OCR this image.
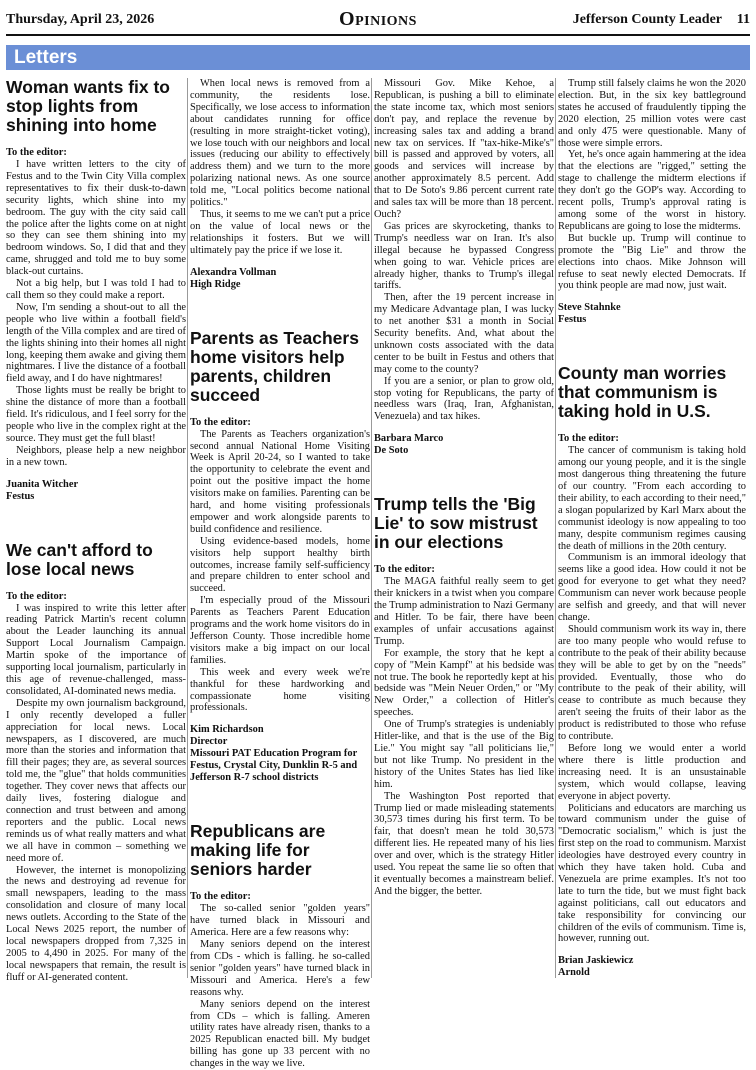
Thursday, April 23, 2026	Opinions	Jefferson County Leader 11
Letters
Woman wants fix to stop lights from shining into home
To the editor:

I have written letters to the city of Festus and to the Twin City Villa complex representatives to fix their dusk-to-dawn security lights, which shine into my bedroom. The guy with the city said call the police after the lights come on at night so they can see them shining into my bedroom windows. So, I did that and they came, shrugged and told me to buy some black-out curtains.

Not a big help, but I was told I had to call them so they could make a report.

Now, I'm sending a shout-out to all the people who live within a football field's length of the Villa complex and are tired of the lights shining into their homes all night long, keeping them awake and giving them nightmares. I live the distance of a football field away, and I do have nightmares!

Those lights must be really be bright to shine the distance of more than a football field. It's ridiculous, and I feel sorry for the people who live in the complex right at the source. They must get the full blast!

Neighbors, please help a new neighbor in a new town.

Juanita Witcher
Festus
We can't afford to lose local news
To the editor:

I was inspired to write this letter after reading Patrick Martin's recent column about the Leader launching its annual Support Local Journalism Campaign. Martin spoke of the importance of supporting local journalism, particularly in this age of revenue-challenged, mass-consolidated, AI-dominated news media.

Despite my own journalism background, I only recently developed a fuller appreciation for local news. Local newspapers, as I discovered, are much more than the stories and information that fill their pages; they are, as several sources told me, the "glue" that holds communities together. They cover news that affects our daily lives, fostering dialogue and connection and trust between and among reporters and the public. Local news reminds us of what really matters and what we all have in common – something we need more of.

However, the internet is monopolizing the news and destroying ad revenue for small newspapers, leading to the mass consolidation and closure of many local news outlets. According to the State of the Local News 2025 report, the number of local newspapers dropped from 7,325 in 2005 to 4,490 in 2025. For many of the local newspapers that remain, the result is fluff or AI-generated content.

When local news is removed from a community, the residents lose. Specifically, we lose access to information about candidates running for office (resulting in more straight-ticket voting), we lose touch with our neighbors and local issues (reducing our ability to effectively address them) and we turn to the more polarizing national news. As one source told me, "Local politics become national politics."

Thus, it seems to me we can't put a price on the value of local news or the relationships it fosters. But we will ultimately pay the price if we lose it.

Alexandra Vollman
High Ridge
Parents as Teachers home visitors help parents, children succeed
To the editor:

The Parents as Teachers organization's second annual National Home Visiting Week is April 20-24, so I wanted to take the opportunity to celebrate the event and point out the positive impact the home visitors make on families. Parenting can be hard, and home visiting professionals empower and work alongside parents to build confidence and resilience.

Using evidence-based models, home visitors help support healthy birth outcomes, increase family self-sufficiency and prepare children to enter school and succeed.

I'm especially proud of the Missouri Parents as Teachers Parent Education programs and the work home visitors do in Jefferson County. Those incredible home visitors make a big impact on our local families.

This week and every week we're thankful for these hardworking and compassionate home visiting professionals.

Kim Richardson
Director
Missouri PAT Education Program for Festus, Crystal City, Dunklin R-5 and Jefferson R-7 school districts
Republicans are making life for seniors harder
To the editor:

The so-called senior "golden years" have turned black in Missouri and America. Here are a few reasons why:

Many seniors depend on the interest from CDs - which is falling. he so-called senior "golden years" have turned black in Missouri and America. Here's a few reasons why.

Many seniors depend on the interest from CDs – which is falling. Ameren utility rates have already risen, thanks to a 2025 Republican enacted bill. My budget billing has gone up 33 percent with no changes in the way we live.

Missouri Gov. Mike Kehoe, a Republican, is pushing a bill to eliminate the state income tax, which most seniors don't pay, and replace the revenue by increasing sales tax and adding a brand new tax on services. If "tax-hike-Mike's" bill is passed and approved by voters, all goods and services will increase by another approximately 8.5 percent. Add that to De Soto's 9.86 percent current rate and sales tax will be more than 18 percent. Ouch?

Gas prices are skyrocketing, thanks to Trump's needless war on Iran. It's also illegal because he bypassed Congress when going to war. Vehicle prices are already higher, thanks to Trump's illegal tariffs.

Then, after the 19 percent increase in my Medicare Advantage plan, I was lucky to net another $31 a month in Social Security benefits. And, what about the unknown costs associated with the data center to be built in Festus and others that may come to the county?

If you are a senior, or plan to grow old, stop voting for Republicans, the party of needless wars (Iraq, Iran, Afghanistan, Venezuela) and tax hikes.

Barbara Marco
De Soto
Trump tells the 'Big Lie' to sow mistrust in our elections
To the editor:

The MAGA faithful really seem to get their knickers in a twist when you compare the Trump administration to Nazi Germany and Hitler. To be fair, there have been examples of unfair accusations against Trump.

For example, the story that he kept a copy of "Mein Kampf" at his bedside was not true. The book he reportedly kept at his bedside was "Mein Neuer Orden," or "My New Order," a collection of Hitler's speeches.

One of Trump's strategies is undeniably Hitler-like, and that is the use of the Big Lie." You might say "all politicians lie," but not like Trump. No president in the history of the Unites States has lied like him.

The Washington Post reported that Trump lied or made misleading statements 30,573 times during his first term. To be fair, that doesn't mean he told 30,573 different lies. He repeated many of his lies over and over, which is the strategy Hitler used. You repeat the same lie so often that it eventually becomes a mainstream belief. And the bigger, the better.

Trump still falsely claims he won the 2020 election. But, in the six key battleground states he accused of fraudulently tipping the 2020 election, 25 million votes were cast and only 475 were questionable. Many of those were simple errors.

Yet, he's once again hammering at the idea that the elections are "rigged," setting the stage to challenge the midterm elections if they don't go the GOP's way. According to recent polls, Trump's approval rating is among some of the worst in history. Republicans are going to lose the midterms.

But buckle up. Trump will continue to promote the "Big Lie" and throw the elections into chaos. Mike Johnson will refuse to seat newly elected Democrats. If you think people are mad now, just wait.

Steve Stahnke
Festus
County man worries that communism is taking hold in U.S.
To the editor:

The cancer of communism is taking hold among our young people, and it is the single most dangerous thing threatening the future of our country. "From each according to their ability, to each according to their need," a slogan popularized by Karl Marx about the communist ideology is now appealing to too many, despite communism regimes causing the death of millions in the 20th century.

Communism is an immoral ideology that seems like a good idea. How could it not be good for everyone to get what they need? Communism can never work because people are selfish and greedy, and that will never change.

Should communism work its way in, there are too many people who would refuse to contribute to the peak of their ability because they will be able to get by on the "needs" provided. Eventually, those who do contribute to the peak of their ability, will cease to contribute as much because they aren't seeing the fruits of their labor as the product is redistributed to those who refuse to contribute.

Before long we would enter a world where there is little production and increasing need. It is an unsustainable system, which would collapse, leaving everyone in abject poverty.

Politicians and educators are marching us toward communism under the guise of "Democratic socialism," which is just the first step on the road to communism. Marxist ideologies have destroyed every country in which they have taken hold. Cuba and Venezuela are prime examples. It's not too late to turn the tide, but we must fight back against politicians, call out educators and take responsibility for convincing our children of the evils of communism. Time is, however, running out.

Brian Jaskiewicz
Arnold
